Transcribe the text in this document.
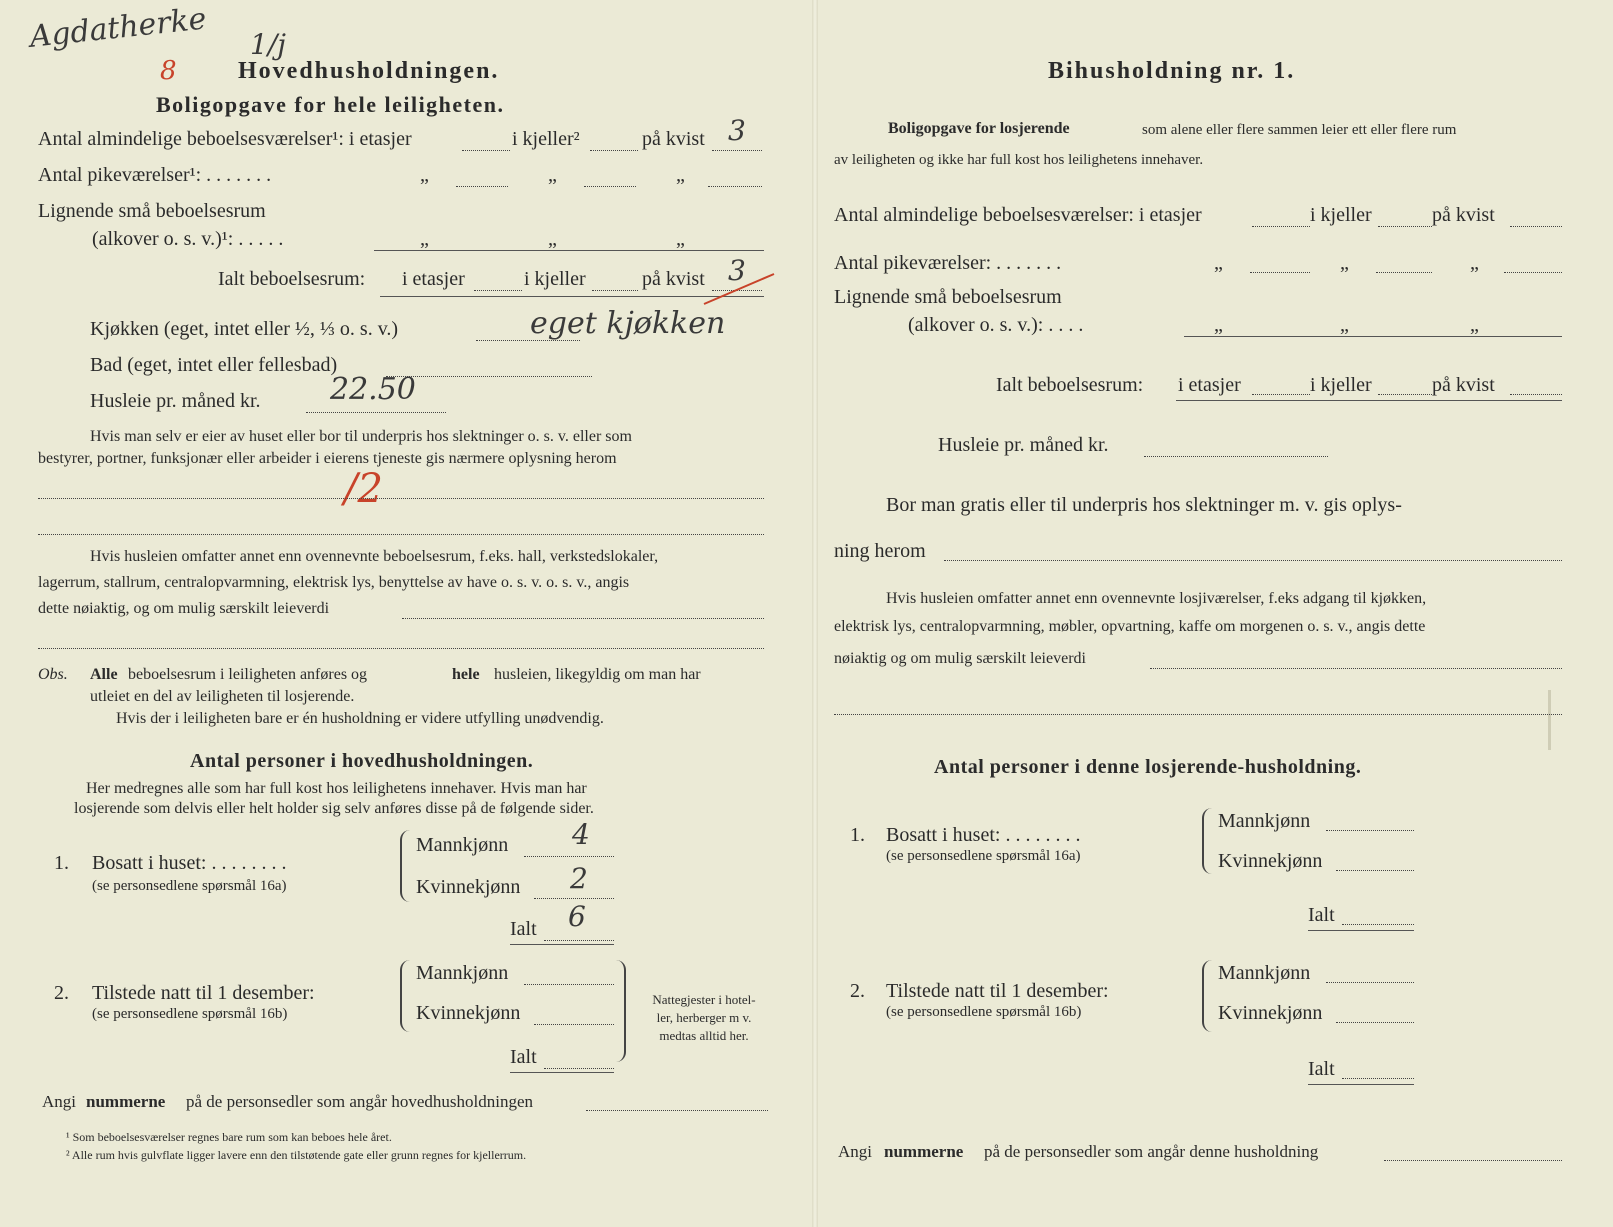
Agdatherke
8
1/j
Hovedhusholdningen.
Boligopgave for hele leiligheten.
Antal almindelige beboelsesværelser¹: i etasjer	i kjeller²	på kvist 3
Antal pikeværelser¹: . . . . . . .	„	„	„
Lignende små beboelsesrum
(alkover o. s. v.)¹: . . . . .	„	„	„
Ialt beboelsesrum: i etasjer	i kjeller	på kvist 3
Kjøkken (eget, intet eller ½, ⅓ o. s. v.)	eget kjøkken
Bad (eget, intet eller fellesbad)
Husleie pr. måned kr. 22.50
Hvis man selv er eier av huset eller bor til underpris hos slektninger o. s. v. eller som
bestyrer, portner, funksjonær eller arbeider i eierens tjeneste gis nærmere oplysning herom
/2
Hvis husleien omfatter annet enn ovennevnte beboelsesrum, f.eks. hall, verkstedslokaler,
lagerrum, stallrum, centralopvarmning, elektrisk lys, benyttelse av have o. s. v. o. s. v., angis
dette nøiaktig, og om mulig særskilt leieverdi
Obs. Alle beboelsesrum i leiligheten anføres og	hele husleien, likegyldig om man har
utleiet en del av leiligheten til losjerende.
Hvis der i leiligheten bare er én husholdning er videre utfylling unødvendig.
Antal personer i hovedhusholdningen.
Her medregnes alle som har full kost hos leilighetens innehaver. Hvis man har
losjerende som delvis eller helt holder sig selv anføres disse på de følgende sider.
1. Bosatt i huset: . . . . . . . .
(se personsedlene spørsmål 16a)
Mannkjønn 4
Kvinnekjønn 2
Ialt 6
2. Tilstede natt til 1 desember:
(se personsedlene spørsmål 16b)
Mannkjønn
Kvinnekjønn
Ialt
Nattegjester i hotel-
ler, herberger m v.
medtas alltid her.
Angi nummerne på de personsedler som angår hovedhusholdningen
¹ Som beboelsesværelser regnes bare rum som kan beboes hele året.
² Alle rum hvis gulvflate ligger lavere enn den tilstøtende gate eller grunn regnes for kjellerrum.
Bihusholdning nr. 1.
Boligopgave for losjerende	som alene eller flere sammen leier ett eller flere rum
av leiligheten og ikke har full kost hos leilighetens innehaver.
Antal almindelige beboelsesværelser: i etasjer	i kjeller	på kvist
Antal pikeværelser: . . . . . . .	„	„	„
Lignende små beboelsesrum
(alkover o. s. v.): . . . .	„	„	„
Ialt beboelsesrum: i etasjer	i kjeller	på kvist
Husleie pr. måned kr.
Bor man gratis eller til underpris hos slektninger m. v. gis oplys-
ning herom
Hvis husleien omfatter annet enn ovennevnte losjiværelser, f.eks adgang til kjøkken,
elektrisk lys, centralopvarmning, møbler, opvartning, kaffe om morgenen o. s. v., angis dette
nøiaktig og om mulig særskilt leieverdi
Antal personer i denne losjerende-husholdning.
1. Bosatt i huset: . . . . . . . .
(se personsedlene spørsmål 16a)
Mannkjønn
Kvinnekjønn
Ialt
2. Tilstede natt til 1 desember:
(se personsedlene spørsmål 16b)
Mannkjønn
Kvinnekjønn
Ialt
Angi nummerne på de personsedler som angår denne husholdning
